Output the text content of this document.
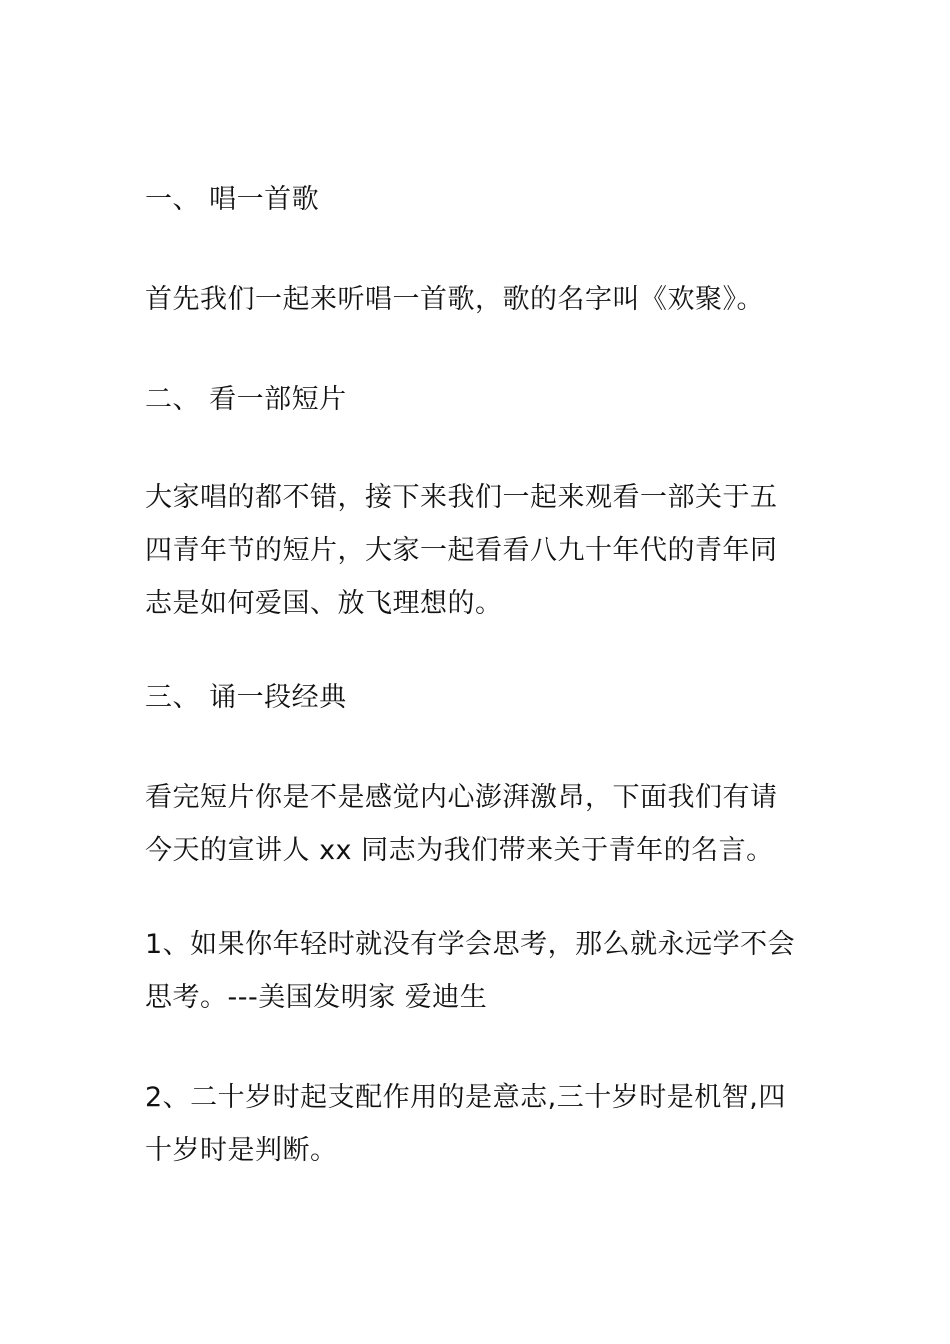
一、 唱一首歌
首先我们一起来听唱一首歌，歌的名字叫《欢聚》。
二、 看一部短片
大家唱的都不错，接下来我们一起来观看一部关于五
四青年节的短片，大家一起看看八九十年代的青年同
志是如何爱国、放飞理想的。
三、 诵一段经典
看完短片你是不是感觉内心澎湃激昂，下面我们有请
今天的宣讲人 xx 同志为我们带来关于青年的名言。
1、如果你年轻时就没有学会思考，那么就永远学不会
思考。---美国发明家 爱迪生
2、二十岁时起支配作用的是意志,三十岁时是机智,四
十岁时是判断。
